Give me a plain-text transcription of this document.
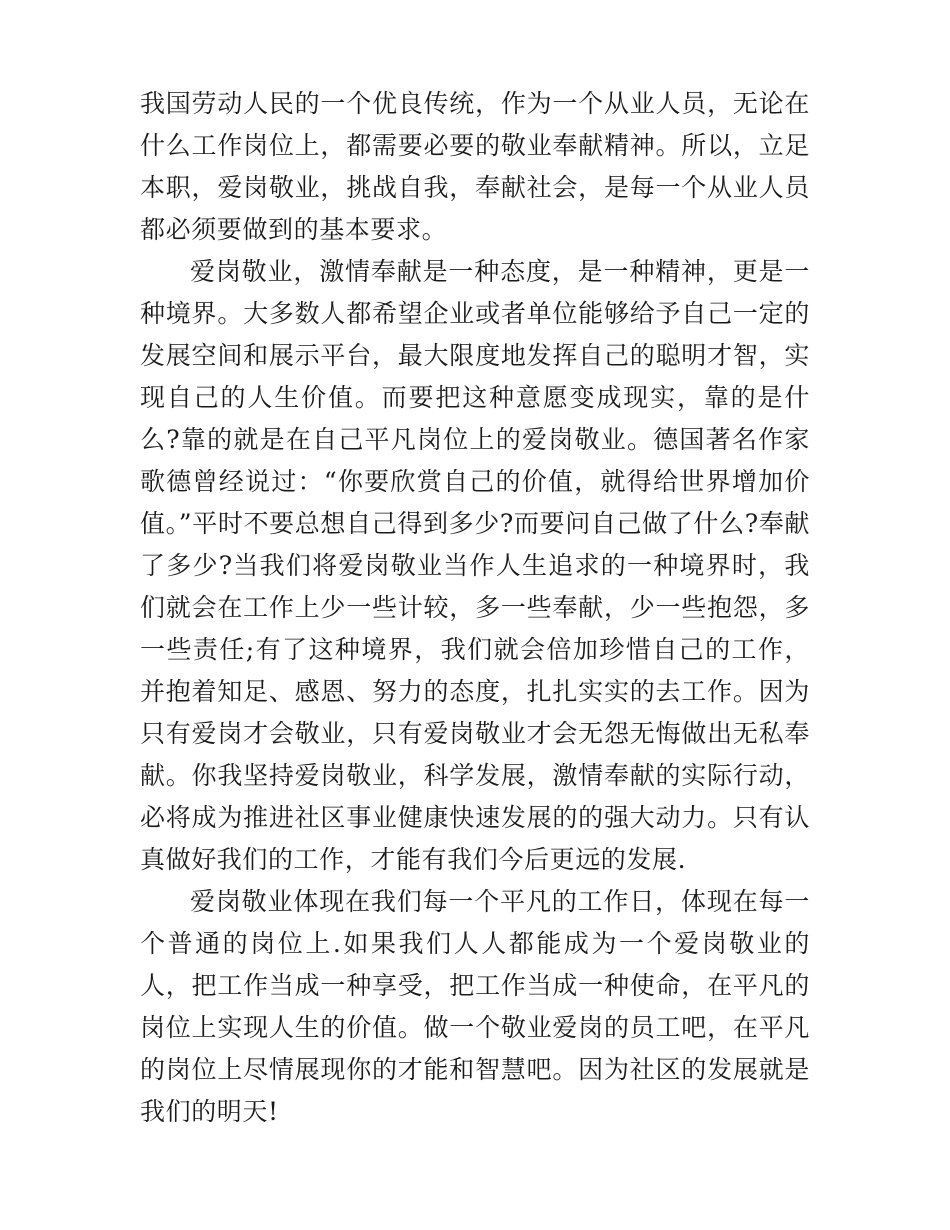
我国劳动人民的一个优良传统，作为一个从业人员，无论在什么工作岗位上，都需要必要的敬业奉献精神。所以，立足本职，爱岗敬业，挑战自我，奉献社会，是每一个从业人员都必须要做到的基本要求。

爱岗敬业，激情奉献是一种态度，是一种精神，更是一种境界。大多数人都希望企业或者单位能够给予自己一定的发展空间和展示平台，最大限度地发挥自己的聪明才智，实现自己的人生价值。而要把这种意愿变成现实，靠的是什么?靠的就是在自己平凡岗位上的爱岗敬业。德国著名作家歌德曾经说过：“你要欣赏自己的价值，就得给世界增加价值。”平时不要总想自己得到多少?而要问自己做了什么?奉献了多少?当我们将爱岗敬业当作人生追求的一种境界时，我们就会在工作上少一些计较，多一些奉献，少一些抱怨，多一些责任;有了这种境界，我们就会倍加珍惜自己的工作，并抱着知足、感恩、努力的态度，扎扎实实的去工作。因为只有爱岗才会敬业，只有爱岗敬业才会无怨无悔做出无私奉献。你我坚持爱岗敬业，科学发展，激情奉献的实际行动，必将成为推进社区事业健康快速发展的的强大动力。只有认真做好我们的工作，才能有我们今后更远的发展.

爱岗敬业体现在我们每一个平凡的工作日，体现在每一个普通的岗位上.如果我们人人都能成为一个爱岗敬业的人，把工作当成一种享受，把工作当成一种使命，在平凡的岗位上实现人生的价值。做一个敬业爱岗的员工吧，在平凡的岗位上尽情展现你的才能和智慧吧。因为社区的发展就是我们的明天!
